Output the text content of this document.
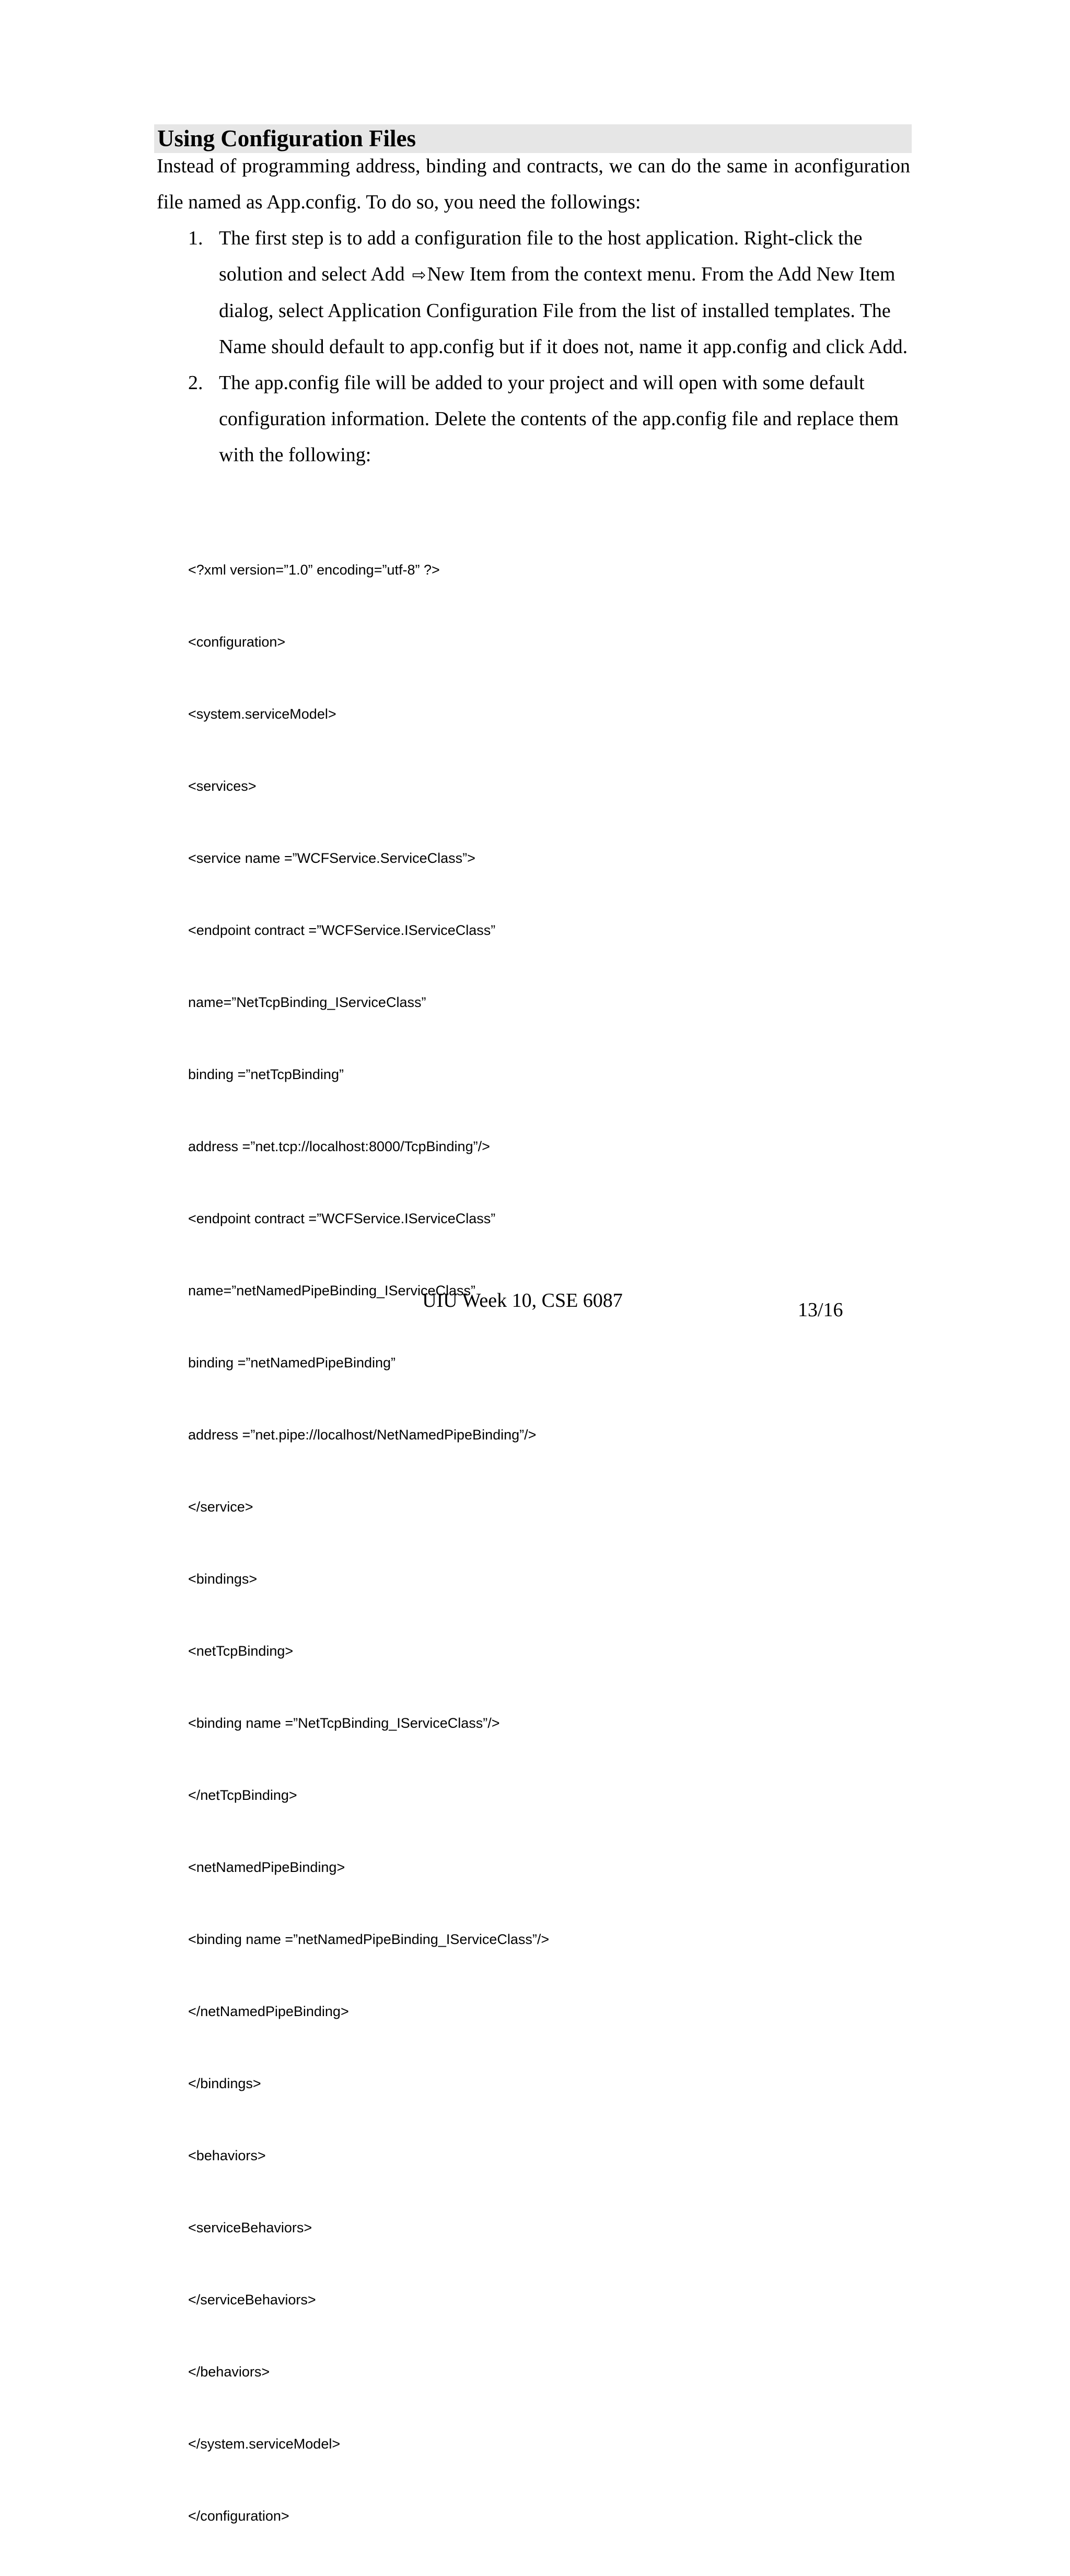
Using Configuration Files

Instead of programming address, binding and contracts, we can do the same in aconfiguration file named as App.config. To do so, you need the followings:

1. The first step is to add a configuration file to the host application. Right-click the solution and select Add ⇨New Item from the context menu. From the Add New Item dialog, select Application Configuration File from the list of installed templates. The Name should default to app.config but if it does not, name it app.config and click Add.
2. The app.config file will be added to your project and will open with some default configuration information. Delete the contents of the app.config file and replace them with the following:

<?xml version=”1.0” encoding=”utf-8” ?>

<configuration>

<system.serviceModel>

<services>

<service name =”WCFService.ServiceClass”>

<endpoint contract =”WCFService.IServiceClass”

name=”NetTcpBinding_IServiceClass”

binding =”netTcpBinding”

address =”net.tcp://localhost:8000/TcpBinding”/>

<endpoint contract =”WCFService.IServiceClass”

name=”netNamedPipeBinding_IServiceClass”

binding =”netNamedPipeBinding”

address =”net.pipe://localhost/NetNamedPipeBinding”/>

</service>

<bindings>

<netTcpBinding>

<binding name =”NetTcpBinding_IServiceClass”/>

</netTcpBinding>

<netNamedPipeBinding>

<binding name =”netNamedPipeBinding_IServiceClass”/>

</netNamedPipeBinding>

</bindings>

<behaviors>

<serviceBehaviors>

</serviceBehaviors>

</behaviors>

</system.serviceModel>

</configuration>

UIU Week 10, CSE 6087	13/16
